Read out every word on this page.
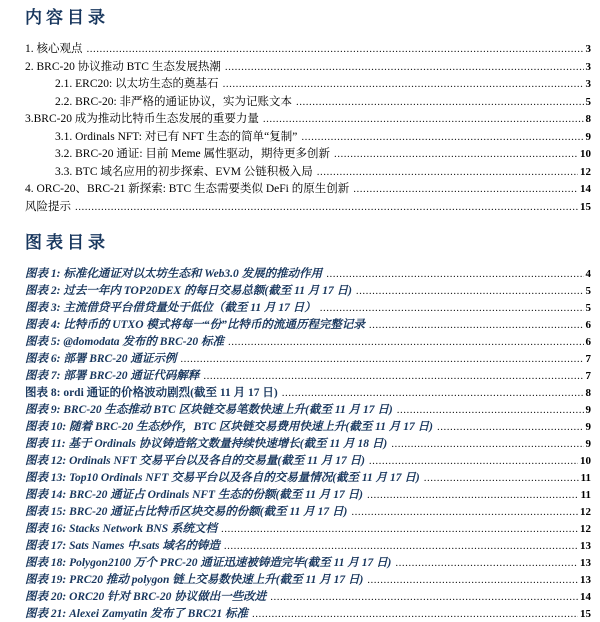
内容目录
1. 核心观点 .....	3
2. BRC-20 协议推动 BTC 生态发展热潮 .....	3
2.1. ERC20: 以太坊生态的奠基石 .....	3
2.2. BRC-20: 非严格的通证协议，实为记账文本 .....	5
3.BRC-20 成为推动比特币生态发展的重要力量 .....	8
3.1. Ordinals NFT: 对已有 NFT 生态的简单“复制” .....	9
3.2. BRC-20 通证: 目前 Meme 属性驱动，期待更多创新 .....	10
3.3. BTC 域名应用的初步探索、EVM 公链积极入局 .....	12
4. ORC-20、BRC-21 新探索: BTC 生态需要类似 DeFi 的原生创新 .....	14
风险提示 .....	15
图表目录
图表 1: 标准化通证对以太坊生态和 Web3.0 发展的推动作用 .....	4
图表 2: 过去一年内 TOP20DEX 的每日交易总额(截至 11 月 17 日) .....	5
图表 3: 主流借贷平台借贷量处于低位（截至 11 月 17 日） .....	5
图表 4: 比特币的 UTXO 模式将每一“份”比特币的流通历程完整记录 .....	6
图表 5: @domodata 发布的 BRC-20 标准 .....	6
图表 6: 部署 BRC-20 通证示例 .....	7
图表 7: 部署 BRC-20 通证代码解释 .....	7
图表 8: ordi 通证的价格波动剧烈(截至 11 月 17 日) .....	8
图表 9: BRC-20 生态推动 BTC 区块链交易笔数快速上升(截至 11 月 17 日) .....	9
图表 10: 随着 BRC-20 生态炒作，BTC 区块链交易费用快速上升(截至 11 月 17 日) .....	9
图表 11: 基于 Ordinals 协议铸造铭文数量持续快速增长(截至 11 月 18 日) .....	9
图表 12: Ordinals NFT 交易平台以及各自的交易量(截至 11 月 17 日) .....	10
图表 13: Top10 Ordinals NFT 交易平台以及各自的交易量情况(截至 11 月 17 日) .....	11
图表 14: BRC-20 通证占 Ordinals NFT 生态的份额(截至 11 月 17 日) .....	11
图表 15: BRC-20 通证占比特币区块交易的份额(截至 11 月 17 日) .....	12
图表 16: Stacks Network BNS 系统文档 .....	12
图表 17: Sats Names 中.sats 域名的铸造 .....	13
图表 18: Polygon2100 万个 PRC-20 通证迅速被铸造完毕(截至 11 月 17 日) .....	13
图表 19: PRC20 推动 polygon 链上交易数快速上升(截至 11 月 17 日) .....	13
图表 20: ORC20 针对 BRC-20 协议做出一些改进 .....	14
图表 21: Alexei Zamyatin 发布了 BRC21 标准 .....	15
